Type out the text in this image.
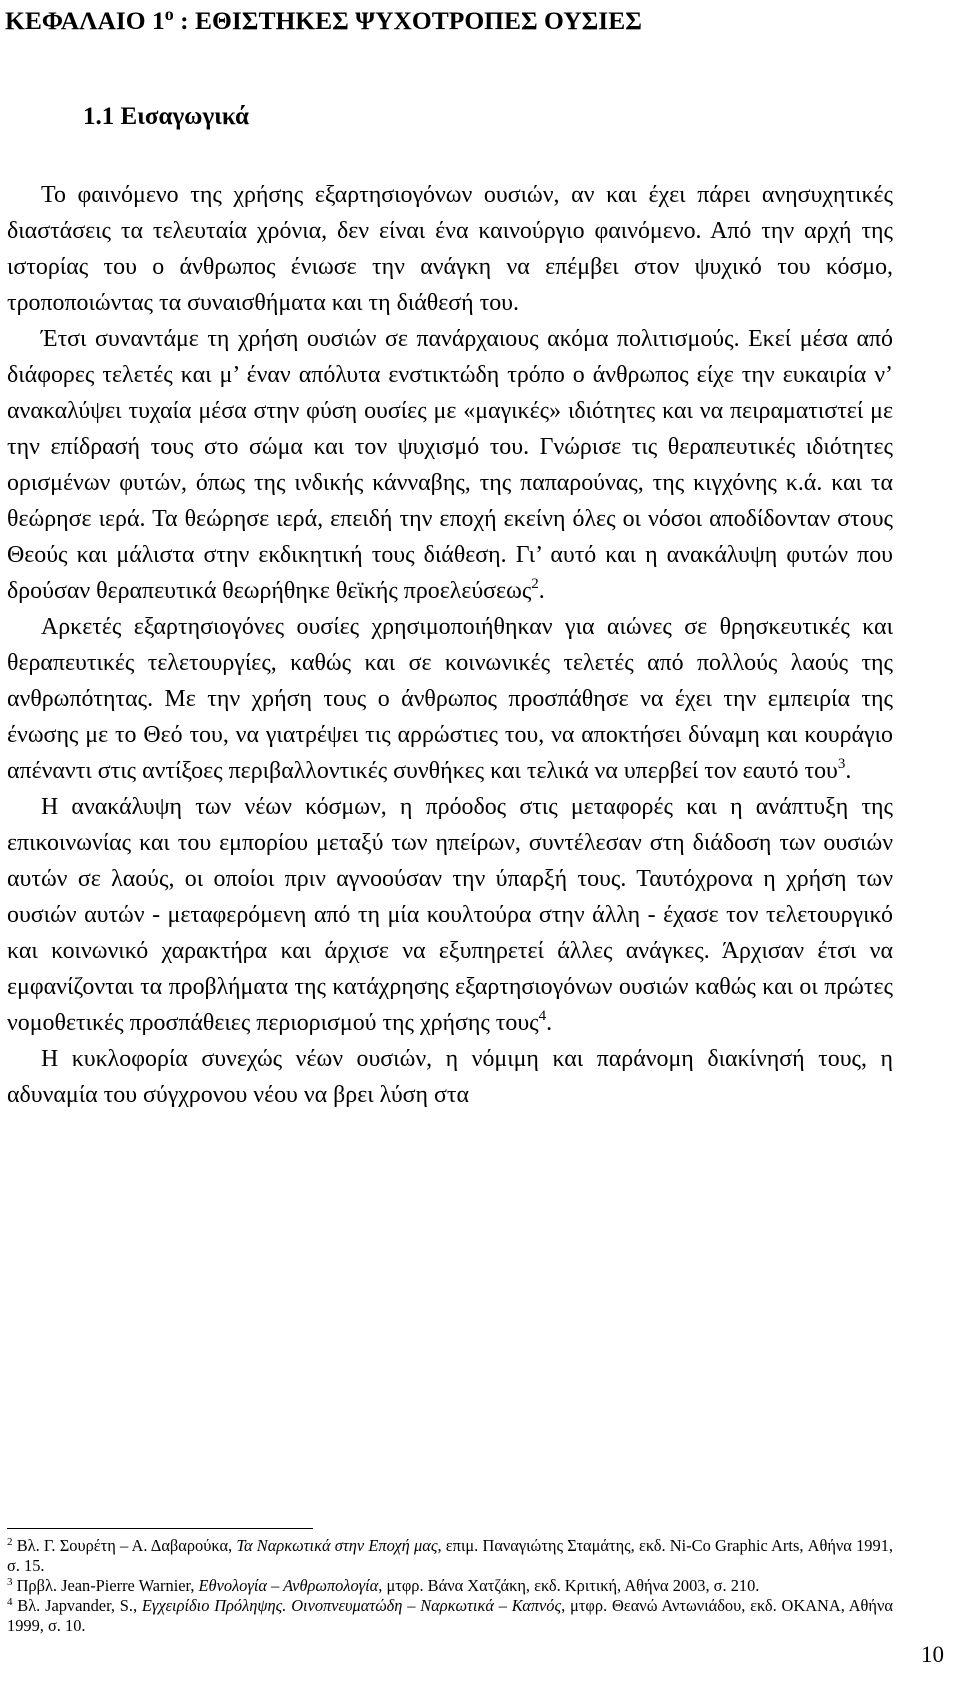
ΚΕΦΑΛΑΙΟ $1^o$ : ΕΘΙΣΤΗΚΕΣ ΨΥΧΟΤΡΟΠΕΣ ΟΥΣΙΕΣ
1.1 Εισαγωγικά

Το φαινόμενο της χρήσης εξαρτησιογόνων ουσιών, αν και έχει πάρει ανησυχητικές διαστάσεις τα τελευταία χρόνια, δεν είναι ένα καινούργιο φαινόμενο. Από την αρχή της ιστορίας του ο άνθρωπος ένιωσε την ανάγκη να επέμβει στον ψυχικό του κόσμο, τροποποιώντας τα συναισθήματα και τη διάθεσή του.

Έτσι συναντάμε τη χρήση ουσιών σε πανάρχαιους ακόμα πολιτισμούς. Εκεί μέσα από διάφορες τελετές και μ’ έναν απόλυτα ενστικτώδη τρόπο ο άνθρωπος είχε την ευκαιρία ν’ ανακαλύψει τυχαία μέσα στην φύση ουσίες με «μαγικές» ιδιότητες και να πειραματιστεί με την επίδρασή τους στο σώμα και τον ψυχισμό του. Γνώρισε τις θεραπευτικές ιδιότητες ορισμένων φυτών, όπως της ινδικής κάνναβης, της παπαρούνας, της κιγχόνης κ.ά. και τα θεώρησε ιερά. Τα θεώρησε ιερά, επειδή την εποχή εκείνη όλες οι νόσοι αποδίδονταν στους Θεούς και μάλιστα στην εκδικητική τους διάθεση. Γι’ αυτό και η ανακάλυψη φυτών που δρούσαν θεραπευτικά θεωρήθηκε θεϊκής προελεύσεως$^2$.

Αρκετές εξαρτησιογόνες ουσίες χρησιμοποιήθηκαν για αιώνες σε θρησκευτικές και θεραπευτικές τελετουργίες, καθώς και σε κοινωνικές τελετές από πολλούς λαούς της ανθρωπότητας. Με την χρήση τους ο άνθρωπος προσπάθησε να έχει την εμπειρία της ένωσης με το Θεό του, να γιατρέψει τις αρρώστιες του, να αποκτήσει δύναμη και κουράγιο απέναντι στις αντίξοες περιβαλλοντικές συνθήκες και τελικά να υπερβεί τον εαυτό του$^3$.

Η ανακάλυψη των νέων κόσμων, η πρόοδος στις μεταφορές και η ανάπτυξη της επικοινωνίας και του εμπορίου μεταξύ των ηπείρων, συντέλεσαν στη διάδοση των ουσιών αυτών σε λαούς, οι οποίοι πριν αγνοούσαν την ύπαρξή τους. Ταυτόχρονα η χρήση των ουσιών αυτών - μεταφερόμενη από τη μία κουλτούρα στην άλλη - έχασε τον τελετουργικό και κοινωνικό χαρακτήρα και άρχισε να εξυπηρετεί άλλες ανάγκες. Άρχισαν έτσι να εμφανίζονται τα προβλήματα της κατάχρησης εξαρτησιογόνων ουσιών καθώς και οι πρώτες νομοθετικές προσπάθειες περιορισμού της χρήσης τους$^4$.

Η κυκλοφορία συνεχώς νέων ουσιών, η νόμιμη και παράνομη διακίνησή τους, η αδυναμία του σύγχρονου νέου να βρει λύση στα

$^2$ Βλ. Γ. Σουρέτη – Α. Δαβαρούκα, Τα Ναρκωτικά στην Εποχή μας, επιμ. Παναγιώτης Σταμάτης, εκδ. Ni-Co Graphic Arts, Αθήνα 1991, σ. 15.

$^3$ Πρβλ. Jean-Pierre Warnier, Εθνολογία – Ανθρωπολογία, μτφρ. Βάνα Χατζάκη, εκδ. Κριτική, Αθήνα 2003, σ. 210.

$^4$ Βλ. Japvander, S., Εγχειρίδιο Πρόληψης. Οινοπνευματώδη – Ναρκωτικά – Καπνός, μτφρ. Θεανώ Αντωνιάδου, εκδ. ΟΚΑΝΑ, Αθήνα 1999, σ. 10.

10
